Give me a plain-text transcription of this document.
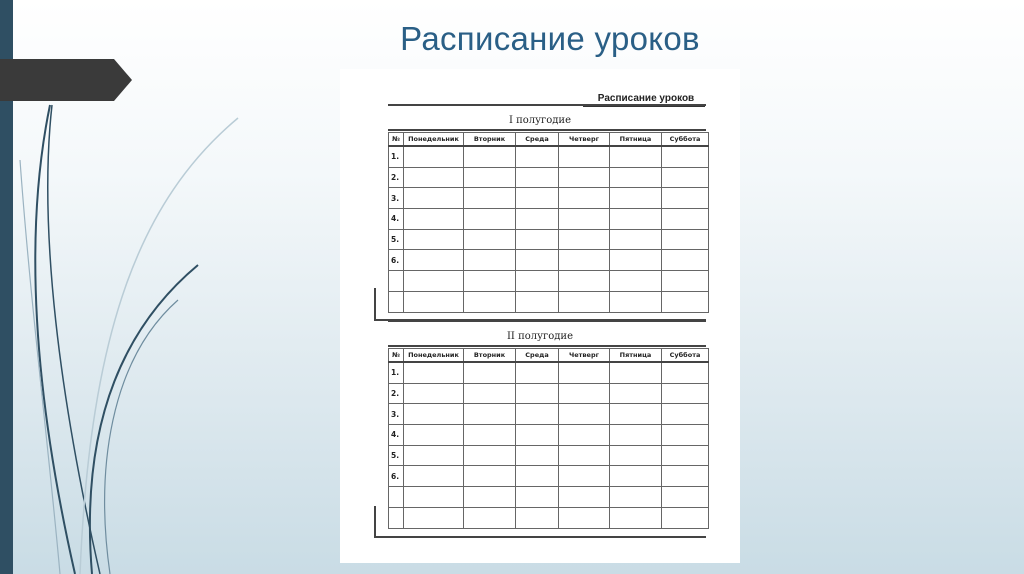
Расписание уроков
Расписание уроков
I полугодие
№	Понедельник	Вторник	Среда	Четверг	Пятница	Суббота
1.						
2.						
3.						
4.						
5.						
6.						

II полугодие
№	Понедельник	Вторник	Среда	Четверг	Пятница	Суббота
1.						
2.						
3.						
4.						
5.						
6.						
